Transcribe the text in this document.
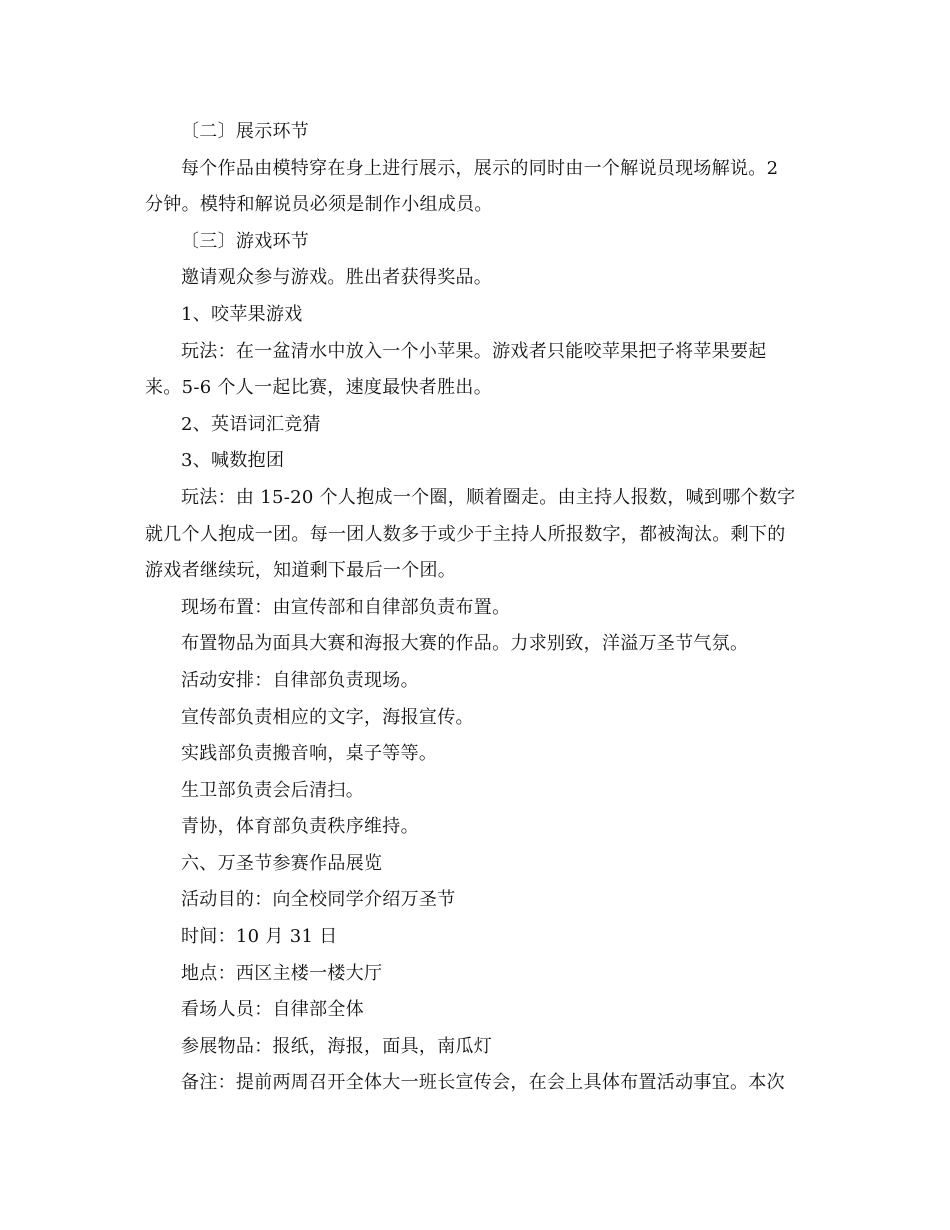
〔二〕展示环节
每个作品由模特穿在身上进行展示，展示的同时由一个解说员现场解说。2
分钟。模特和解说员必须是制作小组成员。
〔三〕游戏环节
邀请观众参与游戏。胜出者获得奖品。
1、咬苹果游戏
玩法：在一盆清水中放入一个小苹果。游戏者只能咬苹果把子将苹果要起
来。5-6 个人一起比赛，速度最快者胜出。
2、英语词汇竞猜
3、喊数抱团
玩法：由 15-20 个人抱成一个圈，顺着圈走。由主持人报数，喊到哪个数字
就几个人抱成一团。每一团人数多于或少于主持人所报数字，都被淘汰。剩下的
游戏者继续玩，知道剩下最后一个团。
现场布置：由宣传部和自律部负责布置。
布置物品为面具大赛和海报大赛的作品。力求别致，洋溢万圣节气氛。
活动安排：自律部负责现场。
宣传部负责相应的文字，海报宣传。
实践部负责搬音响，桌子等等。
生卫部负责会后清扫。
青协，体育部负责秩序维持。
六、万圣节参赛作品展览
活动目的：向全校同学介绍万圣节
时间：10 月 31 日
地点：西区主楼一楼大厅
看场人员：自律部全体
参展物品：报纸，海报，面具，南瓜灯
备注：提前两周召开全体大一班长宣传会，在会上具体布置活动事宜。本次
